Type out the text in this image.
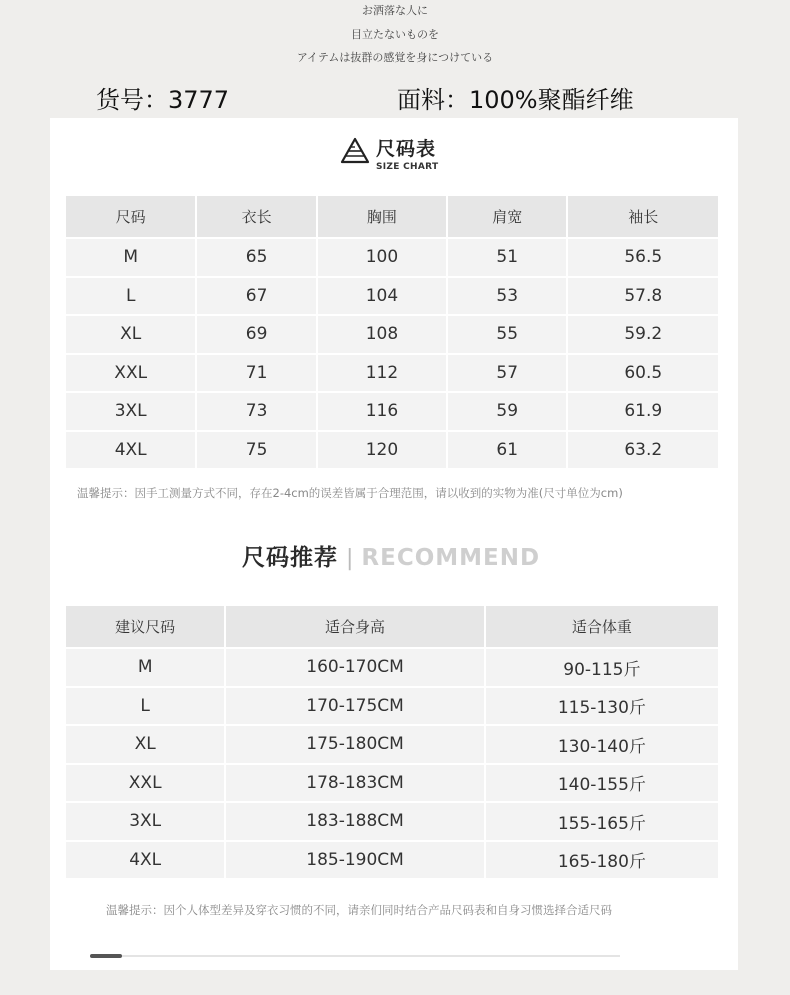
お洒落な人に
目立たないものを
アイテムは抜群の感覚を身につけている
货号：3777	面料：100%聚酯纤维
尺码表
SIZE CHART
尺码	衣长	胸围	肩宽	袖长
M	65	100	51	56.5
L	67	104	53	57.8
XL	69	108	55	59.2
XXL	71	112	57	60.5
3XL	73	116	59	61.9
4XL	75	120	61	63.2
温馨提示：因手工测量方式不同，存在2-4cm的误差皆属于合理范围，请以收到的实物为准(尺寸单位为cm)
尺码推荐 | RECOMMEND
建议尺码	适合身高	适合体重
M	160-170CM	90-115斤
L	170-175CM	115-130斤
XL	175-180CM	130-140斤
XXL	178-183CM	140-155斤
3XL	183-188CM	155-165斤
4XL	185-190CM	165-180斤
温馨提示：因个人体型差异及穿衣习惯的不同，请亲们同时结合产品尺码表和自身习惯选择合适尺码
